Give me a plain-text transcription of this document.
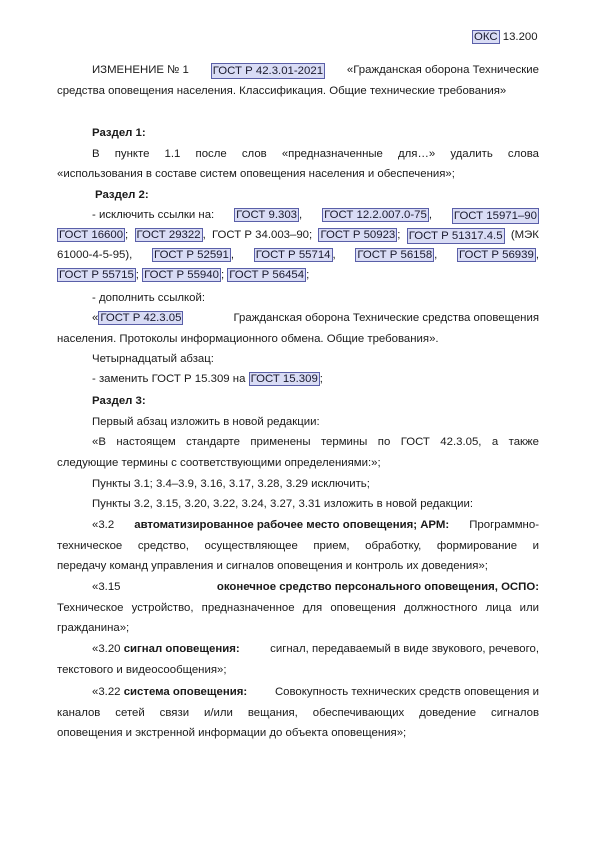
ОКС 13.200
ИЗМЕНЕНИЕ № 1 ГОСТ Р 42.3.01-2021 «Гражданская оборона Технические
средства оповещения населения. Классификация. Общие технические требования»
Раздел 1:
В пункте 1.1 после слов «предназначенные для…» удалить слова
«использования в составе систем оповещения населения и обеспечения»;
Раздел 2:
- исключить ссылки на: ГОСТ 9.303 , ГОСТ 12.2.007.0-75 , ГОСТ 15971–90
ГОСТ 16600 ; ГОСТ 29322 , ГОСТ Р 34.003–90; ГОСТ Р 50923 ; ГОСТ Р 51317.4.5 (МЭК
61000-4-5-95), ГОСТ Р 52591 , ГОСТ Р 55714 , ГОСТ Р 56158 , ГОСТ Р 56939 ,
ГОСТ Р 55715 ; ГОСТ Р 55940 ; ГОСТ Р 56454 ;
- дополнить ссылкой:
« ГОСТ Р 42.3.05	Гражданская оборона Технические средства оповещения
населения. Протоколы информационного обмена. Общие требования».
Четырнадцатый абзац:
- заменить ГОСТ Р 15.309 на ГОСТ 15.309 ;
Раздел 3:
Первый абзац изложить в новой редакции:
«В настоящем стандарте применены термины по ГОСТ 42.3.05, а также
следующие термины с соответствующими определениями:»;
Пункты 3.1; 3.4–3.9, 3.16, 3.17, 3.28, 3.29 исключить;
Пункты 3.2, 3.15, 3.20, 3.22, 3.24, 3.27, 3.31 изложить в новой редакции:
«3.2 автоматизированное рабочее место оповещения; АРМ: Программно-
техническое средство, осуществляющее прием, обработку, формирование и
передачу команд управления и сигналов оповещения и контроль их доведения»;
«3.15	оконечное средство персонального оповещения, ОСПО:
Техническое устройство, предназначенное для оповещения должностного лица или
гражданина»;
«3.20 сигнал оповещения:	сигнал, передаваемый в виде звукового, речевого,
текстового и видеосообщения»;
«3.22 система оповещения: Совокупность технических средств оповещения и
каналов сетей связи и/или вещания, обеспечивающих доведение сигналов
оповещения и экстренной информации до объекта оповещения»;
